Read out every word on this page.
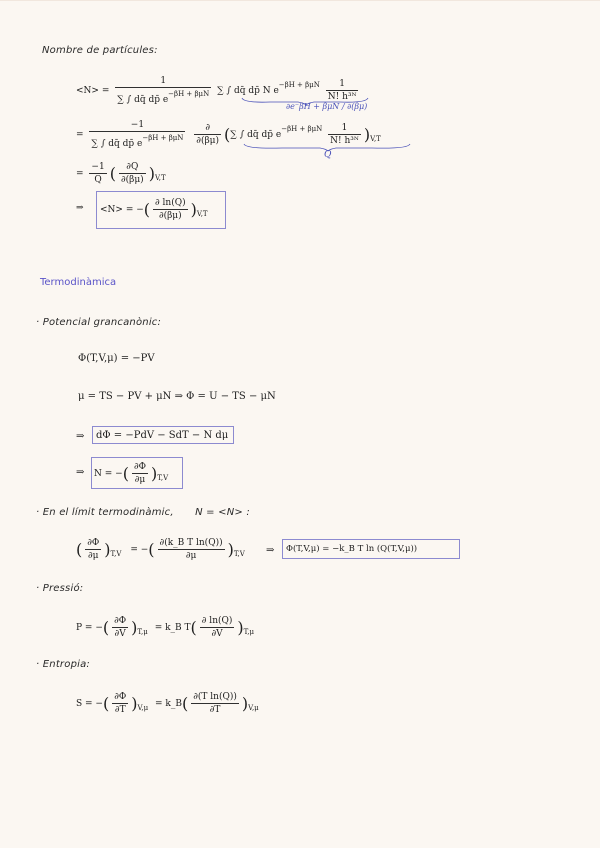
Nombre de partícules:
$<N> = \frac{1}{\sum \int dq̄ dp̄ e^{-\beta H + \beta\mu N}}$ ∑ ∫ dq̄ dp̄ N $e^{-\beta H + \beta\mu N} \frac{1}{\text{N! h³ᴺ}}$
∂e⁻βH + βμN / ∂(βμ)
= $\frac{-1}{\sum \int dq̄ dp̄ e^{-\beta H + \beta\mu N}}$
$\frac{\partial}{\partial(\beta\mu)}$ (∑ ∫ dq̄ dp̄ $e^{-\beta H + \beta\mu N} \frac{1}{\text{N! h³ᴺ}} )_{V,T}$
Q
= $\frac{-1}{Q}$ ( $\frac{\partial Q}{\partial(\beta\mu)} )_{V,T}$
⇒ <N> = −( $\frac{\partial \ln(Q)}{\partial(\beta\mu)} )_{V,T}$
Termodinàmica
· Potencial grancanònic:
Φ(T,V,μ) = −PV
μ = TS − PV + μN ⇒ Φ = U − TS − μN
⇒ dΦ = −PdV − SdT − N dμ
⇒ N = −( $\frac{\partial\Phi}{\partial\mu} )_{T,V}$
· En el límit termodinàmic, N = <N> :
( $\frac{\partial\Phi}{\partial\mu} )_{T,V}$ = −( $\frac{\text{∂(k\_B T ln(Q))}}{\partial\mu} )_{T,V}$ ⇒ Φ(T,V,μ) = −k_B T ln (Q(T,V,μ))
· Pressió:
P = −( $\frac{\partial\Phi}{\partial V} )_{T,\mu}$ = k_B $T( \frac{\partial \ln(Q)}{\partial V} )_{T,\mu}$
· Entropia:
S = −( $\frac{\partial\Phi}{\partial T} )_{V,\mu}$ = k_B( $\frac{\text{∂(T ln(Q))}}{\partial T} )_{V,\mu}$
